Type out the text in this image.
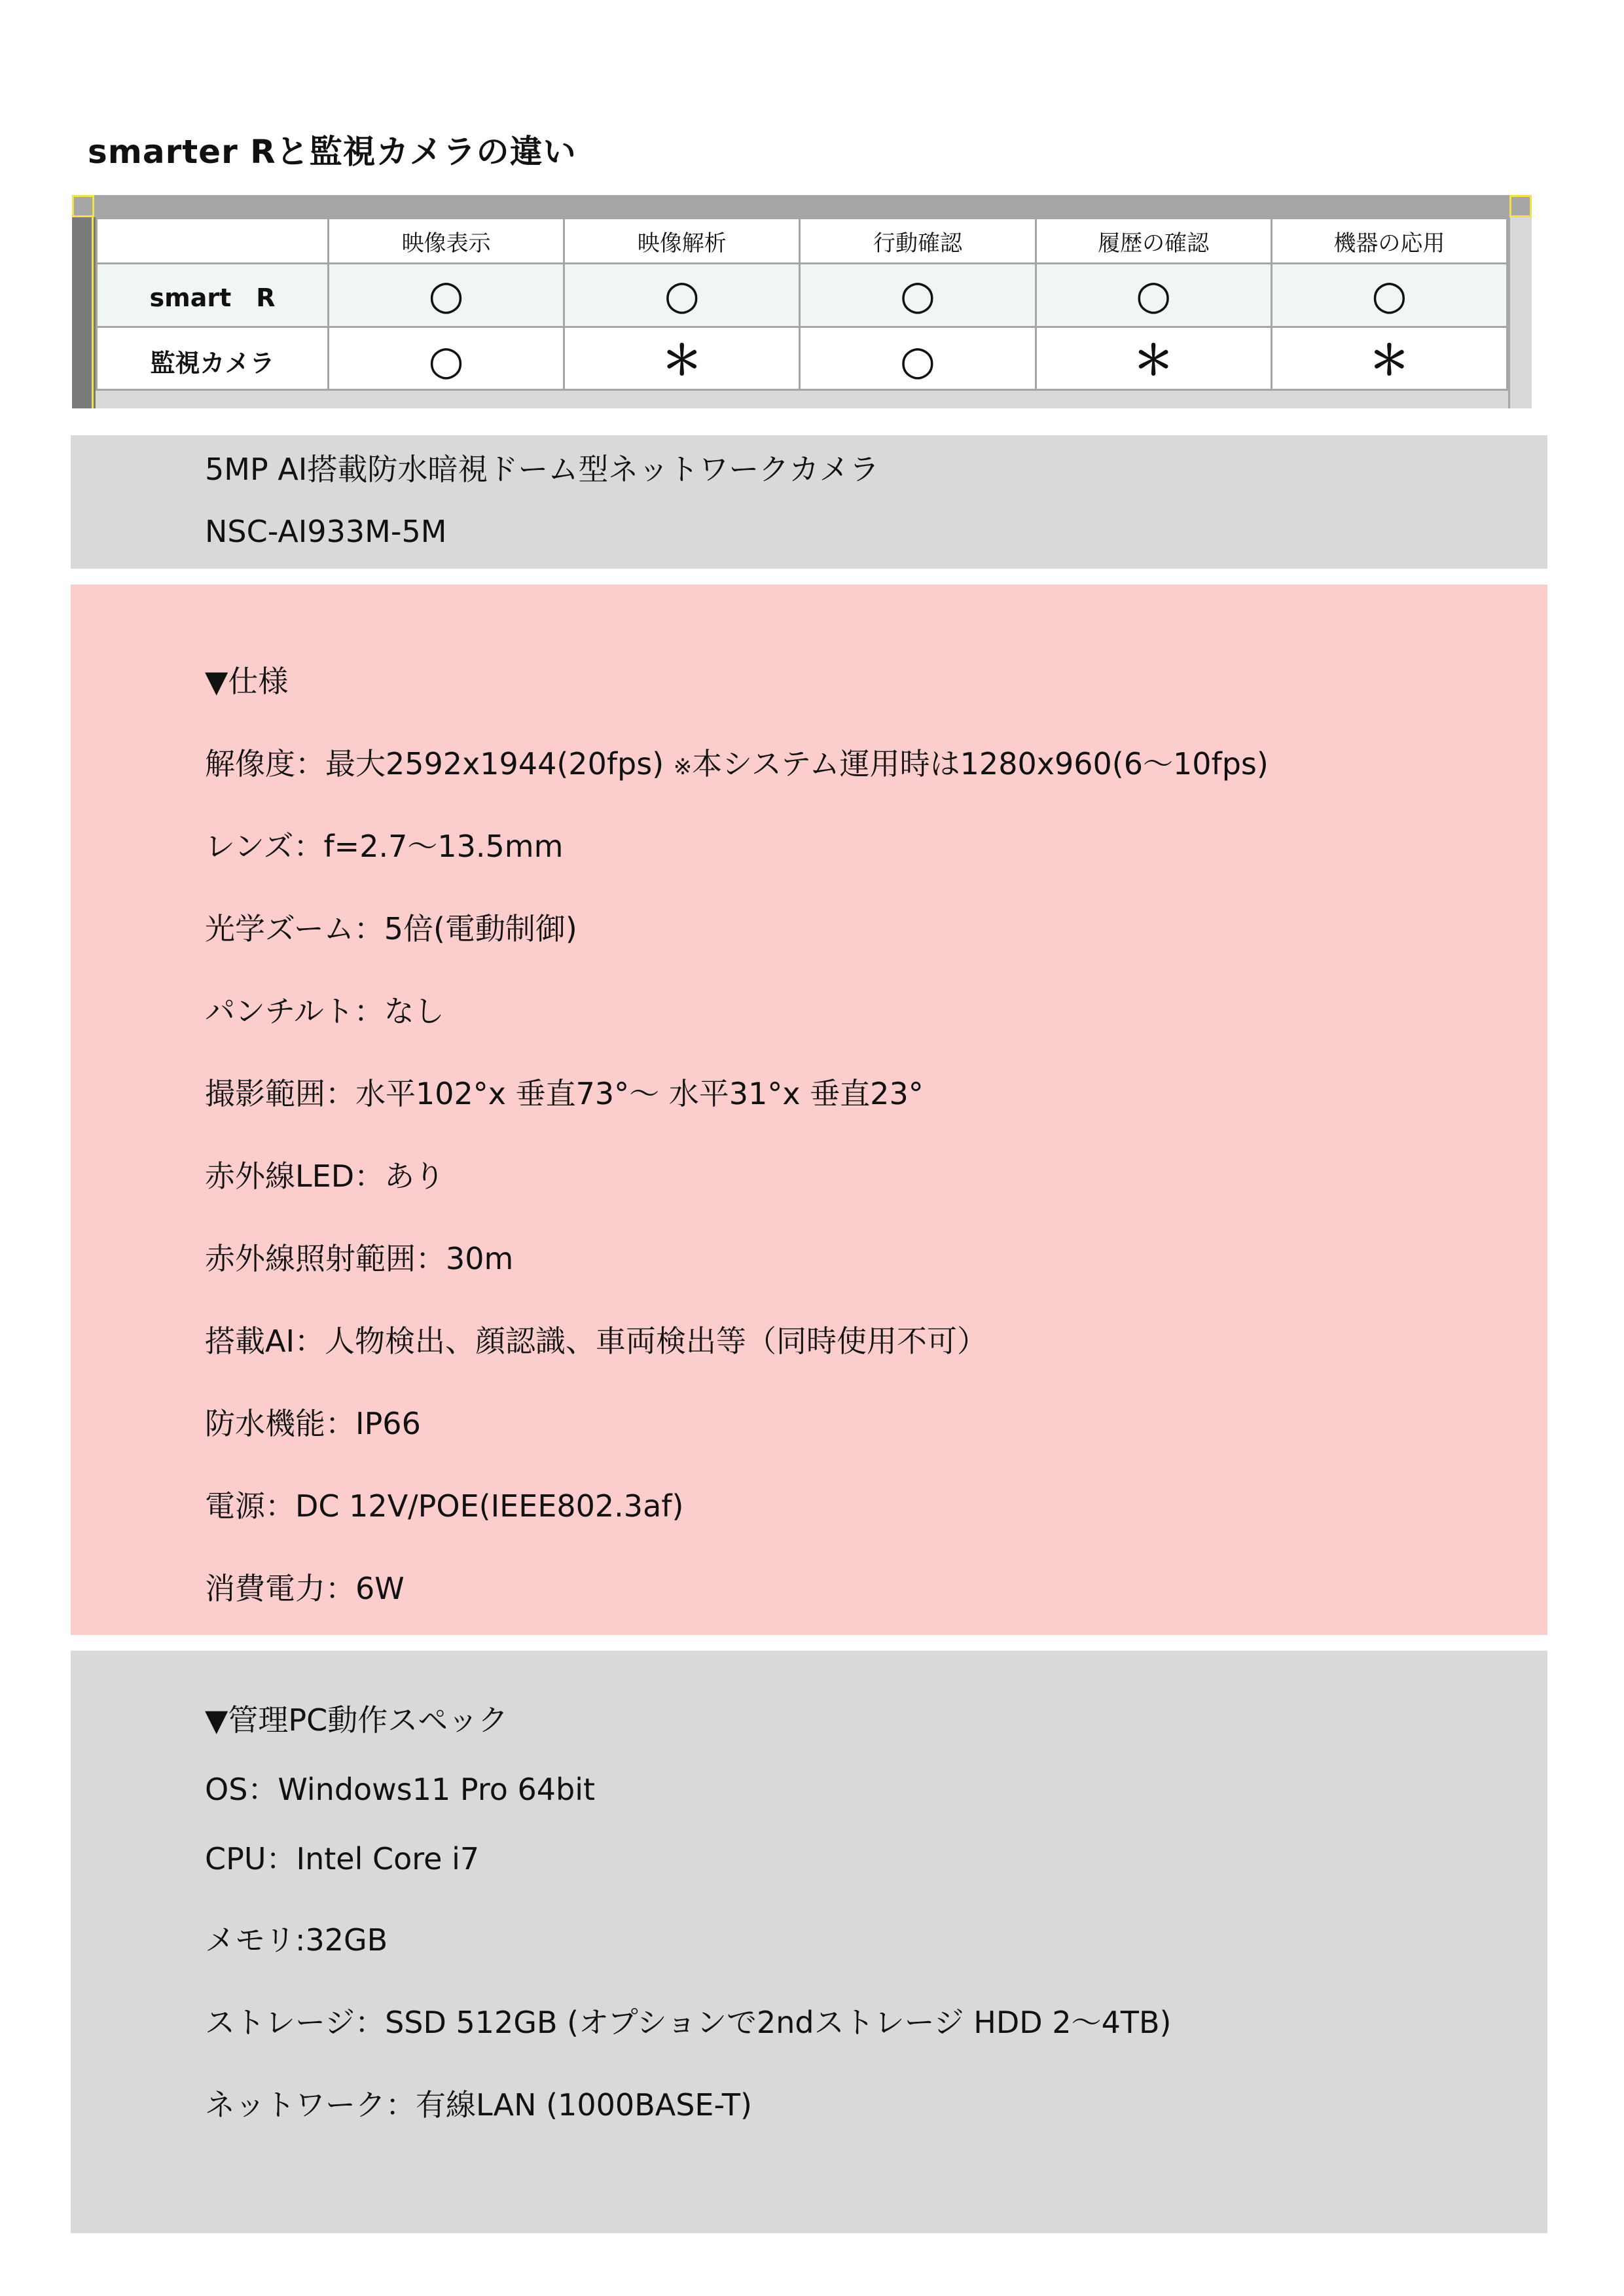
smarter Rと監視カメラの違い
	映像表示	映像解析	行動確認	履歴の確認	機器の応用
smart　R	○	○	○	○	○
監視カメラ	○	＊	○	＊	＊
5MP AI搭載防水暗視ドーム型ネットワークカメラ
NSC-AI933M-5M
▼仕様
解像度：最大2592x1944(20fps) ※本システム運用時は1280x960(6～10fps)
レンズ：f=2.7～13.5mm
光学ズーム：5倍(電動制御)
パンチルト：なし
撮影範囲：水平102°x 垂直73°～ 水平31°x 垂直23°
赤外線LED：あり
赤外線照射範囲：30m
搭載AI：人物検出、顔認識、車両検出等（同時使用不可）
防水機能：IP66
電源：DC 12V/POE(IEEE802.3af)
消費電力：6W
▼管理PC動作スペック
OS：Windows11 Pro 64bit
CPU：Intel Core i7
メモリ:32GB
ストレージ：SSD 512GB (オプションで2ndストレージ HDD 2～4TB)
ネットワーク：有線LAN (1000BASE-T)
